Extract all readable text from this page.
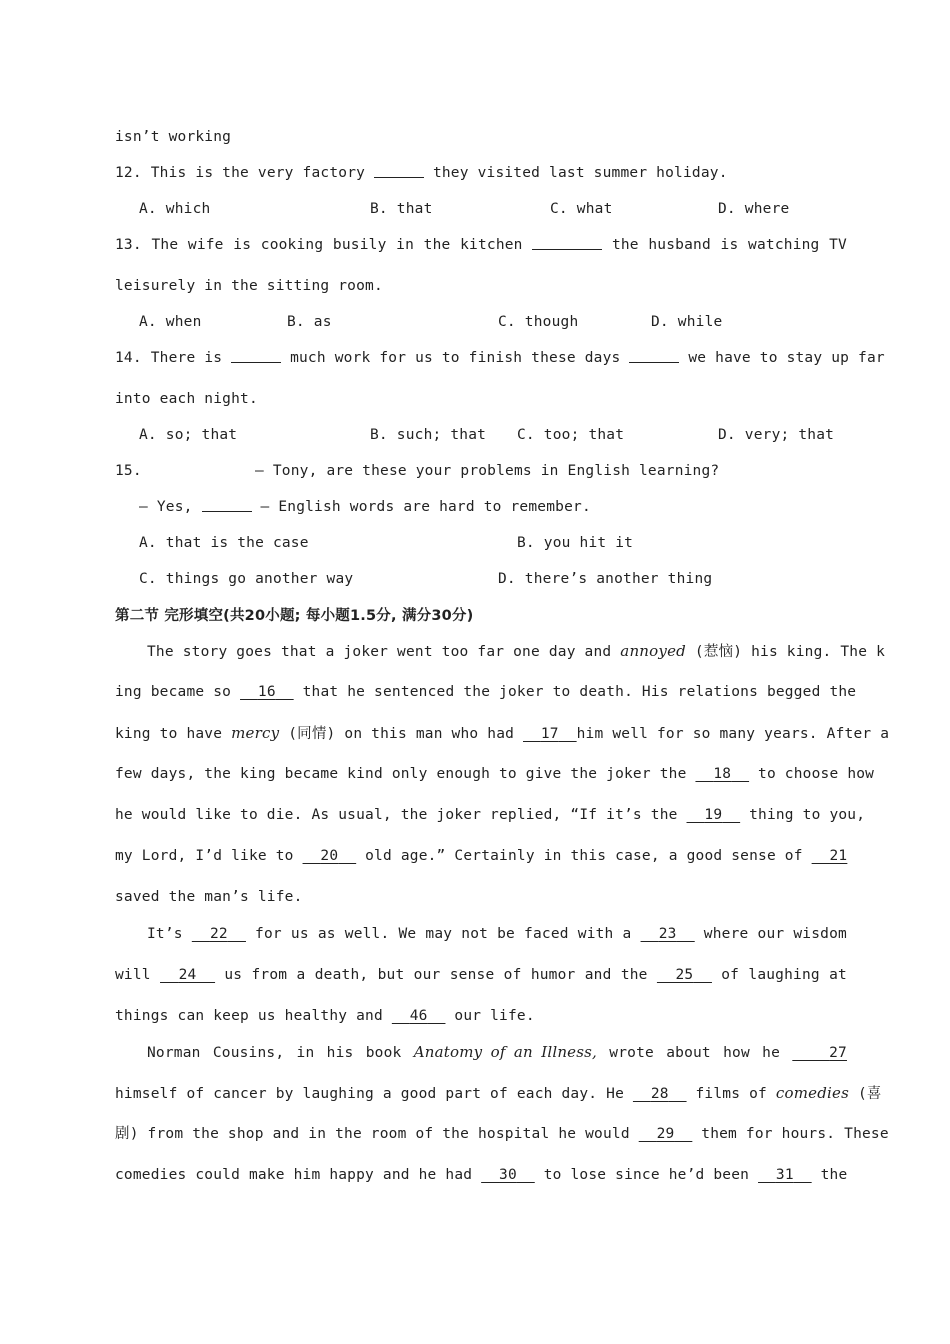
isn’t working
12. This is the very factory	they visited last summer holiday.
A. which	B. that	C. what	D. where
13. The wife is cooking busily in the kitchen	the husband is watching TV
leisurely in the sitting room.
A. when	B. as	C. though	D. while
14. There is	much work for us to finish these days	we have to stay up far
into each night.
A. so; that	B. such; that C. too; that	D. very; that
15.	— Tony, are these your problems in English learning?
— Yes,	— English words are hard to remember.
A. that is the case	B. you hit it
C. things go another way	D. there’s another thing
第二节 完形填空(共20小题; 每小题1.5分, 满分30分)
The story goes that a joker went too far one day and annoyed (惹恼) his king. The k
ing became so 16 that he sentenced the joker to death. His relations begged the
king to have mercy (同情) on this man who had 17 him well for so many years. After a
few days, the king became kind only enough to give the joker the 18 to choose how
he would like to die. As usual, the joker replied, “If it’s the 19 thing to you,
my Lord, I’d like to 20 old age.” Certainly in this case, a good sense of 21
saved the man’s life.
It’s 22 for us as well. We may not be faced with a 23 where our wisdom
will 24 us from a death, but our sense of humor and the 25 of laughing at
things can keep us healthy and 46 our life.
Norman Cousins, in his book Anatomy of an Illness, wrote about how he	27
himself of cancer by laughing a good part of each day. He 28 films of comedies (喜
剧) from the shop and in the room of the hospital he would 29 them for hours. These
comedies could make him happy and he had 30 to lose since he’d been 31 the
